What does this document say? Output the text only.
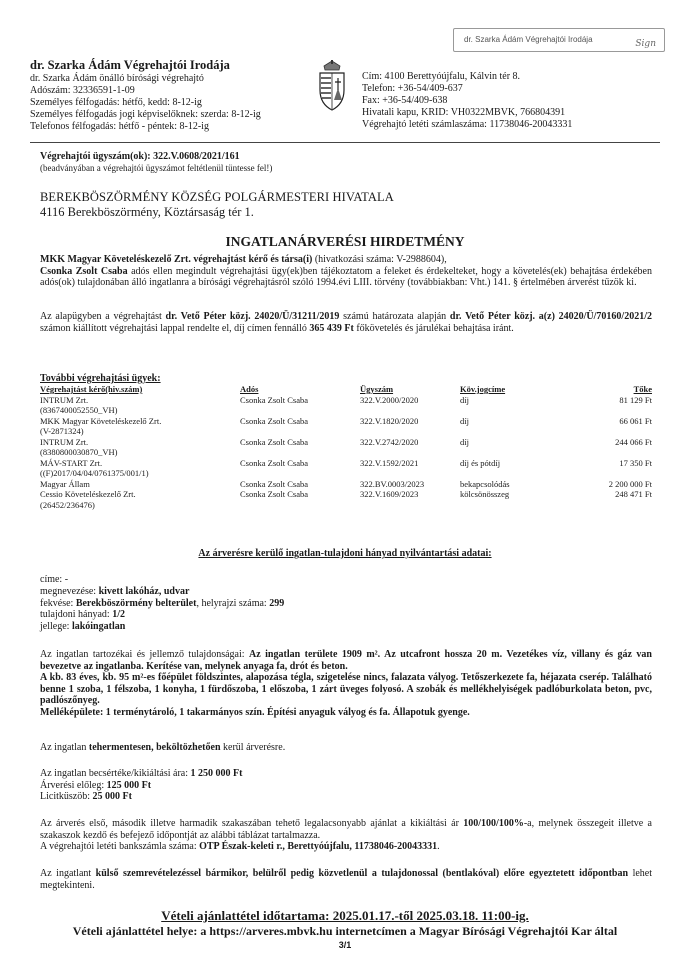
dr. Szarka Ádám Végrehajtói Irodája	Sign
dr. Szarka Ádám Végrehajtói Irodája
dr. Szarka Ádám önálló bírósági végrehajtó
Adószám: 32336591-1-09
Személyes félfogadás: hétfő, kedd: 8-12-ig
Személyes félfogadás jogi képviselőknek: szerda: 8-12-ig
Telefonos félfogadás: hétfő - péntek: 8-12-ig
Cím: 4100 Berettyóújfalu, Kálvin tér 8.
Telefon: +36-54/409-637
Fax: +36-54/409-638
Hivatali kapu, KRID: VH0322MBVK, 766804391
Végrehajtó letéti számlaszáma: 11738046-20043331
Végrehajtói ügyszám(ok): 322.V.0608/2021/161
(beadványában a végrehajtói ügyszámot feltétlenül tüntesse fel!)
BEREKBÖSZÖRMÉNY KÖZSÉG POLGÁRMESTERI HIVATALA
4116 Berekböszörmény, Köztársaság tér 1.
INGATLANÁRVERÉSI HIRDETMÉNY
MKK Magyar Követeléskezelő Zrt. végrehajtást kérő és társa(i) (hivatkozási száma: V-2988604),
Csonka Zsolt Csaba adós ellen megindult végrehajtási ügy(ek)ben tájékoztatom a feleket és érdekelteket, hogy a követelés(ek) behajtása érdekében adós(ok) tulajdonában álló ingatlanra a bírósági végrehajtásról szóló 1994.évi LIII. törvény (továbbiakban: Vht.) 141. § értelmében árverést tűzök ki.
Az alapügyben a végrehajtást dr. Vető Péter közj. 24020/Ü/31211/2019 számú határozata alapján dr. Vető Péter közj. a(z) 24020/Ü/70160/2021/2 számon kiállított végrehajtási lappal rendelte el, díj címen fennálló 365 439 Ft főkövetelés és járulékai behajtása iránt.
További végrehajtási ügyek:
Végrehajtást kérő(hiv.szám)	Adós	Ügyszám	Köv.jogcíme	Tőke

INTRUM Zrt.
(8367400052550_VH)	Csonka Zsolt Csaba	322.V.2000/2020	díj	81 129 Ft

MKK Magyar Követeléskezelő Zrt.
(V-2871324)	Csonka Zsolt Csaba	322.V.1820/2020	díj	66 061 Ft

INTRUM Zrt.
(8380800030870_VH)	Csonka Zsolt Csaba	322.V.2742/2020	díj	244 066 Ft

MÁV-START Zrt.
((F)2017/04/04/0761375/001/1)	Csonka Zsolt Csaba	322.V.1592/2021	díj és pótdíj	17 350 Ft
Magyar Állam	Csonka Zsolt Csaba	322.BV.0003/2023	bekapcsolódás	2 200 000 Ft

Cessio Követeléskezelő Zrt.
(26452/236476)	Csonka Zsolt Csaba	322.V.1609/2023	kölcsönösszeg	248 471 Ft
Az árverésre kerülő ingatlan-tulajdoni hányad nyilvántartási adatai:
címe: -
megnevezése: kivett lakóház, udvar
fekvése: Berekböszörmény belterület, helyrajzi száma: 299
tulajdoni hányad: 1/2
jellege: lakóingatlan
Az ingatlan tartozékai és jellemző tulajdonságai: Az ingatlan területe 1909 m². Az utcafront hossza 20 m. Vezetékes víz, villany és gáz van bevezetve az ingatlanba. Kerítése van, melynek anyaga fa, drót és beton.
A kb. 83 éves, kb. 95 m²-es főépület földszintes, alapozása tégla, szigetelése nincs, falazata vályog. Tetőszerkezete fa, héjazata cserép. Található benne 1 szoba, 1 félszoba, 1 konyha, 1 fürdőszoba, 1 előszoba, 1 zárt üveges folyosó. A szobák és mellékhelyiségek padlóburkolata beton, pvc, padlószőnyeg.
Melléképülete: 1 terménytároló, 1 takarmányos szín. Építési anyaguk vályog és fa. Állapotuk gyenge.
Az ingatlan tehermentesen, beköltözhetően kerül árverésre.
Az ingatlan becsértéke/kikiáltási ára: 1 250 000 Ft
Árverési előleg: 125 000 Ft
Licitküszöb: 25 000 Ft
Az árverés első, második illetve harmadik szakaszában tehető legalacsonyabb ajánlat a kikiáltási ár 100/100/100%-a, melynek összegeit illetve a szakaszok kezdő és befejező időpontját az alábbi táblázat tartalmazza.
A végrehajtói letéti bankszámla száma: OTP Észak-keleti r., Berettyóújfalu, 11738046-20043331.
Az ingatlant külső szemrevételezéssel bármikor, belülről pedig közvetlenül a tulajdonossal (bentlakóval) előre egyeztetett időpontban lehet megtekinteni.
Vételi ajánlattétel időtartama: 2025.01.17.-től 2025.03.18. 11:00-ig.
Vételi ajánlattétel helye: a https://arveres.mbvk.hu internetcímen a Magyar Bírósági Végrehajtói Kar által
3/1
